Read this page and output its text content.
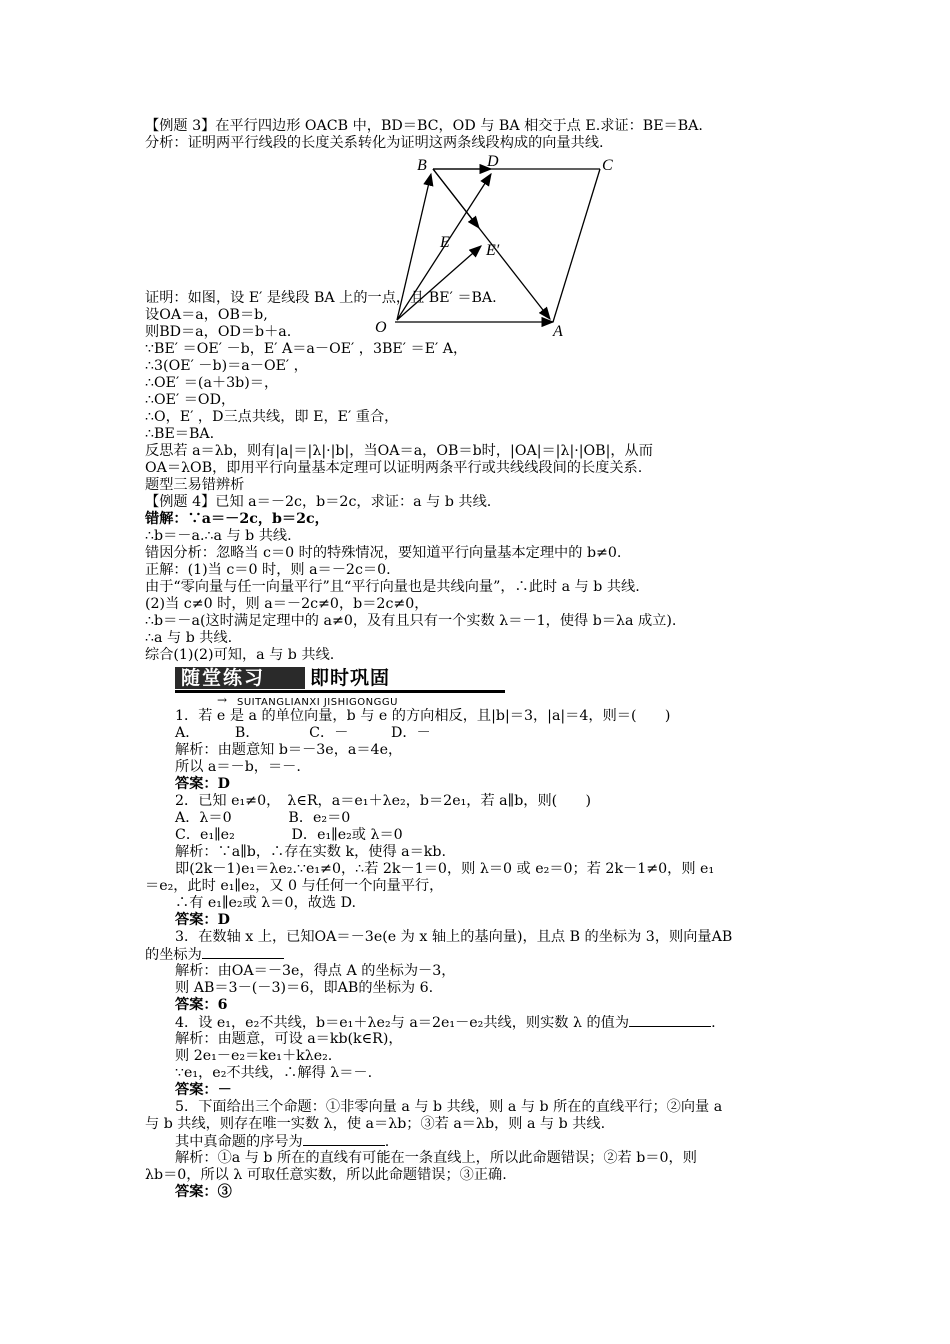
【例题 3】在平行四边形 OACB 中，BD＝BC，OD 与 BA 相交于点 E.求证：BE＝BA.
分析：证明两平行线段的长度关系转化为证明这两条线段构成的向量共线.
B	D	C
E E′
O	A
证明：如图，设 E′ 是线段 BA 上的一点，且 BE′ ＝BA.
设OA＝a，OB＝b,
则BD＝a，OD＝b＋a.
∵BE′ ＝OE′ －b，E′ A＝a－OE′ ，3BE′ ＝E′ A，
∴3(OE′ －b)＝a－OE′ ，
∴OE′ ＝(a＋3b)＝，
∴OE′ ＝OD，
∴O，E′ ，D三点共线，即 E，E′ 重合，
∴BE＝BA.
反思若 a＝λb，则有|a|＝|λ|·|b|，当OA＝a，OB＝b时，|OA|＝|λ|·|OB|，从而
OA＝λOB，即用平行向量基本定理可以证明两条平行或共线线段间的长度关系.
题型三易错辨析
【例题 4】已知 a＝－2c，b＝2c，求证：a 与 b 共线.
错解：∵a＝－2c，b＝2c，
∴b＝－a.∴a 与 b 共线.
错因分析：忽略当 c＝0 时的特殊情况，要知道平行向量基本定理中的 b≠0.
正解：(1)当 c＝0 时，则 a＝－2c＝0.
由于“零向量与任一向量平行”且“平行向量也是共线向量”，∴此时 a 与 b 共线.
(2)当 c≠0 时，则 a＝－2c≠0，b＝2c≠0，
∴b＝－a(这时满足定理中的 a≠0，及有且只有一个实数 λ＝－1，使得 b＝λa 成立).
∴a 与 b 共线.
综合(1)(2)可知，a 与 b 共线.
随堂练习	即时巩固
→ SUITANGLIANXI JISHIGONGGU
1．若 e 是 a 的单位向量，b 与 e 的方向相反，且|b|＝3，|a|＝4，则＝(　　)
A．　　　B．　　　　C．－　　　D．－
解析：由题意知 b＝－3e，a＝4e，
所以 a＝－b，＝－.
答案：D
2．已知 e₁≠0，　λ∈R，a＝e₁＋λe₂，b＝2e₁，若 a∥b，则(　　)
A．λ＝0　　　　B．e₂＝0
C．e₁∥e₂　　　　D．e₁∥e₂或 λ＝0
解析：∵a∥b，∴存在实数 k，使得 a＝kb.
即(2k－1)e₁＝λe₂.∵e₁≠0，∴若 2k－1＝0，则 λ＝0 或 e₂＝0；若 2k－1≠0，则 e₁
＝e₂，此时 e₁∥e₂，又 0 与任何一个向量平行，
∴有 e₁∥e₂或 λ＝0，故选 D.
答案：D
3．在数轴 x 上，已知OA＝－3e(e 为 x 轴上的基向量)，且点 B 的坐标为 3，则向量AB
的坐标为
解析：由OA＝－3e，得点 A 的坐标为－3，
则 AB＝3－(－3)＝6，即AB的坐标为 6.
答案：6
4．设 e₁，e₂不共线，b＝e₁＋λe₂与 a＝2e₁－e₂共线，则实数 λ 的值为	.
解析：由题意，可设 a＝kb(k∈R)，
则 2e₁－e₂＝ke₁＋kλe₂.
∵e₁，e₂不共线，∴解得 λ＝－.
答案：－
5．下面给出三个命题：①非零向量 a 与 b 共线，则 a 与 b 所在的直线平行；②向量 a
与 b 共线，则存在唯一实数 λ，使 a＝λb；③若 a＝λb，则 a 与 b 共线.
其中真命题的序号为	.
解析：①a 与 b 所在的直线有可能在一条直线上，所以此命题错误；②若 b＝0，则
λb＝0，所以 λ 可取任意实数，所以此命题错误；③正确.
答案：③
